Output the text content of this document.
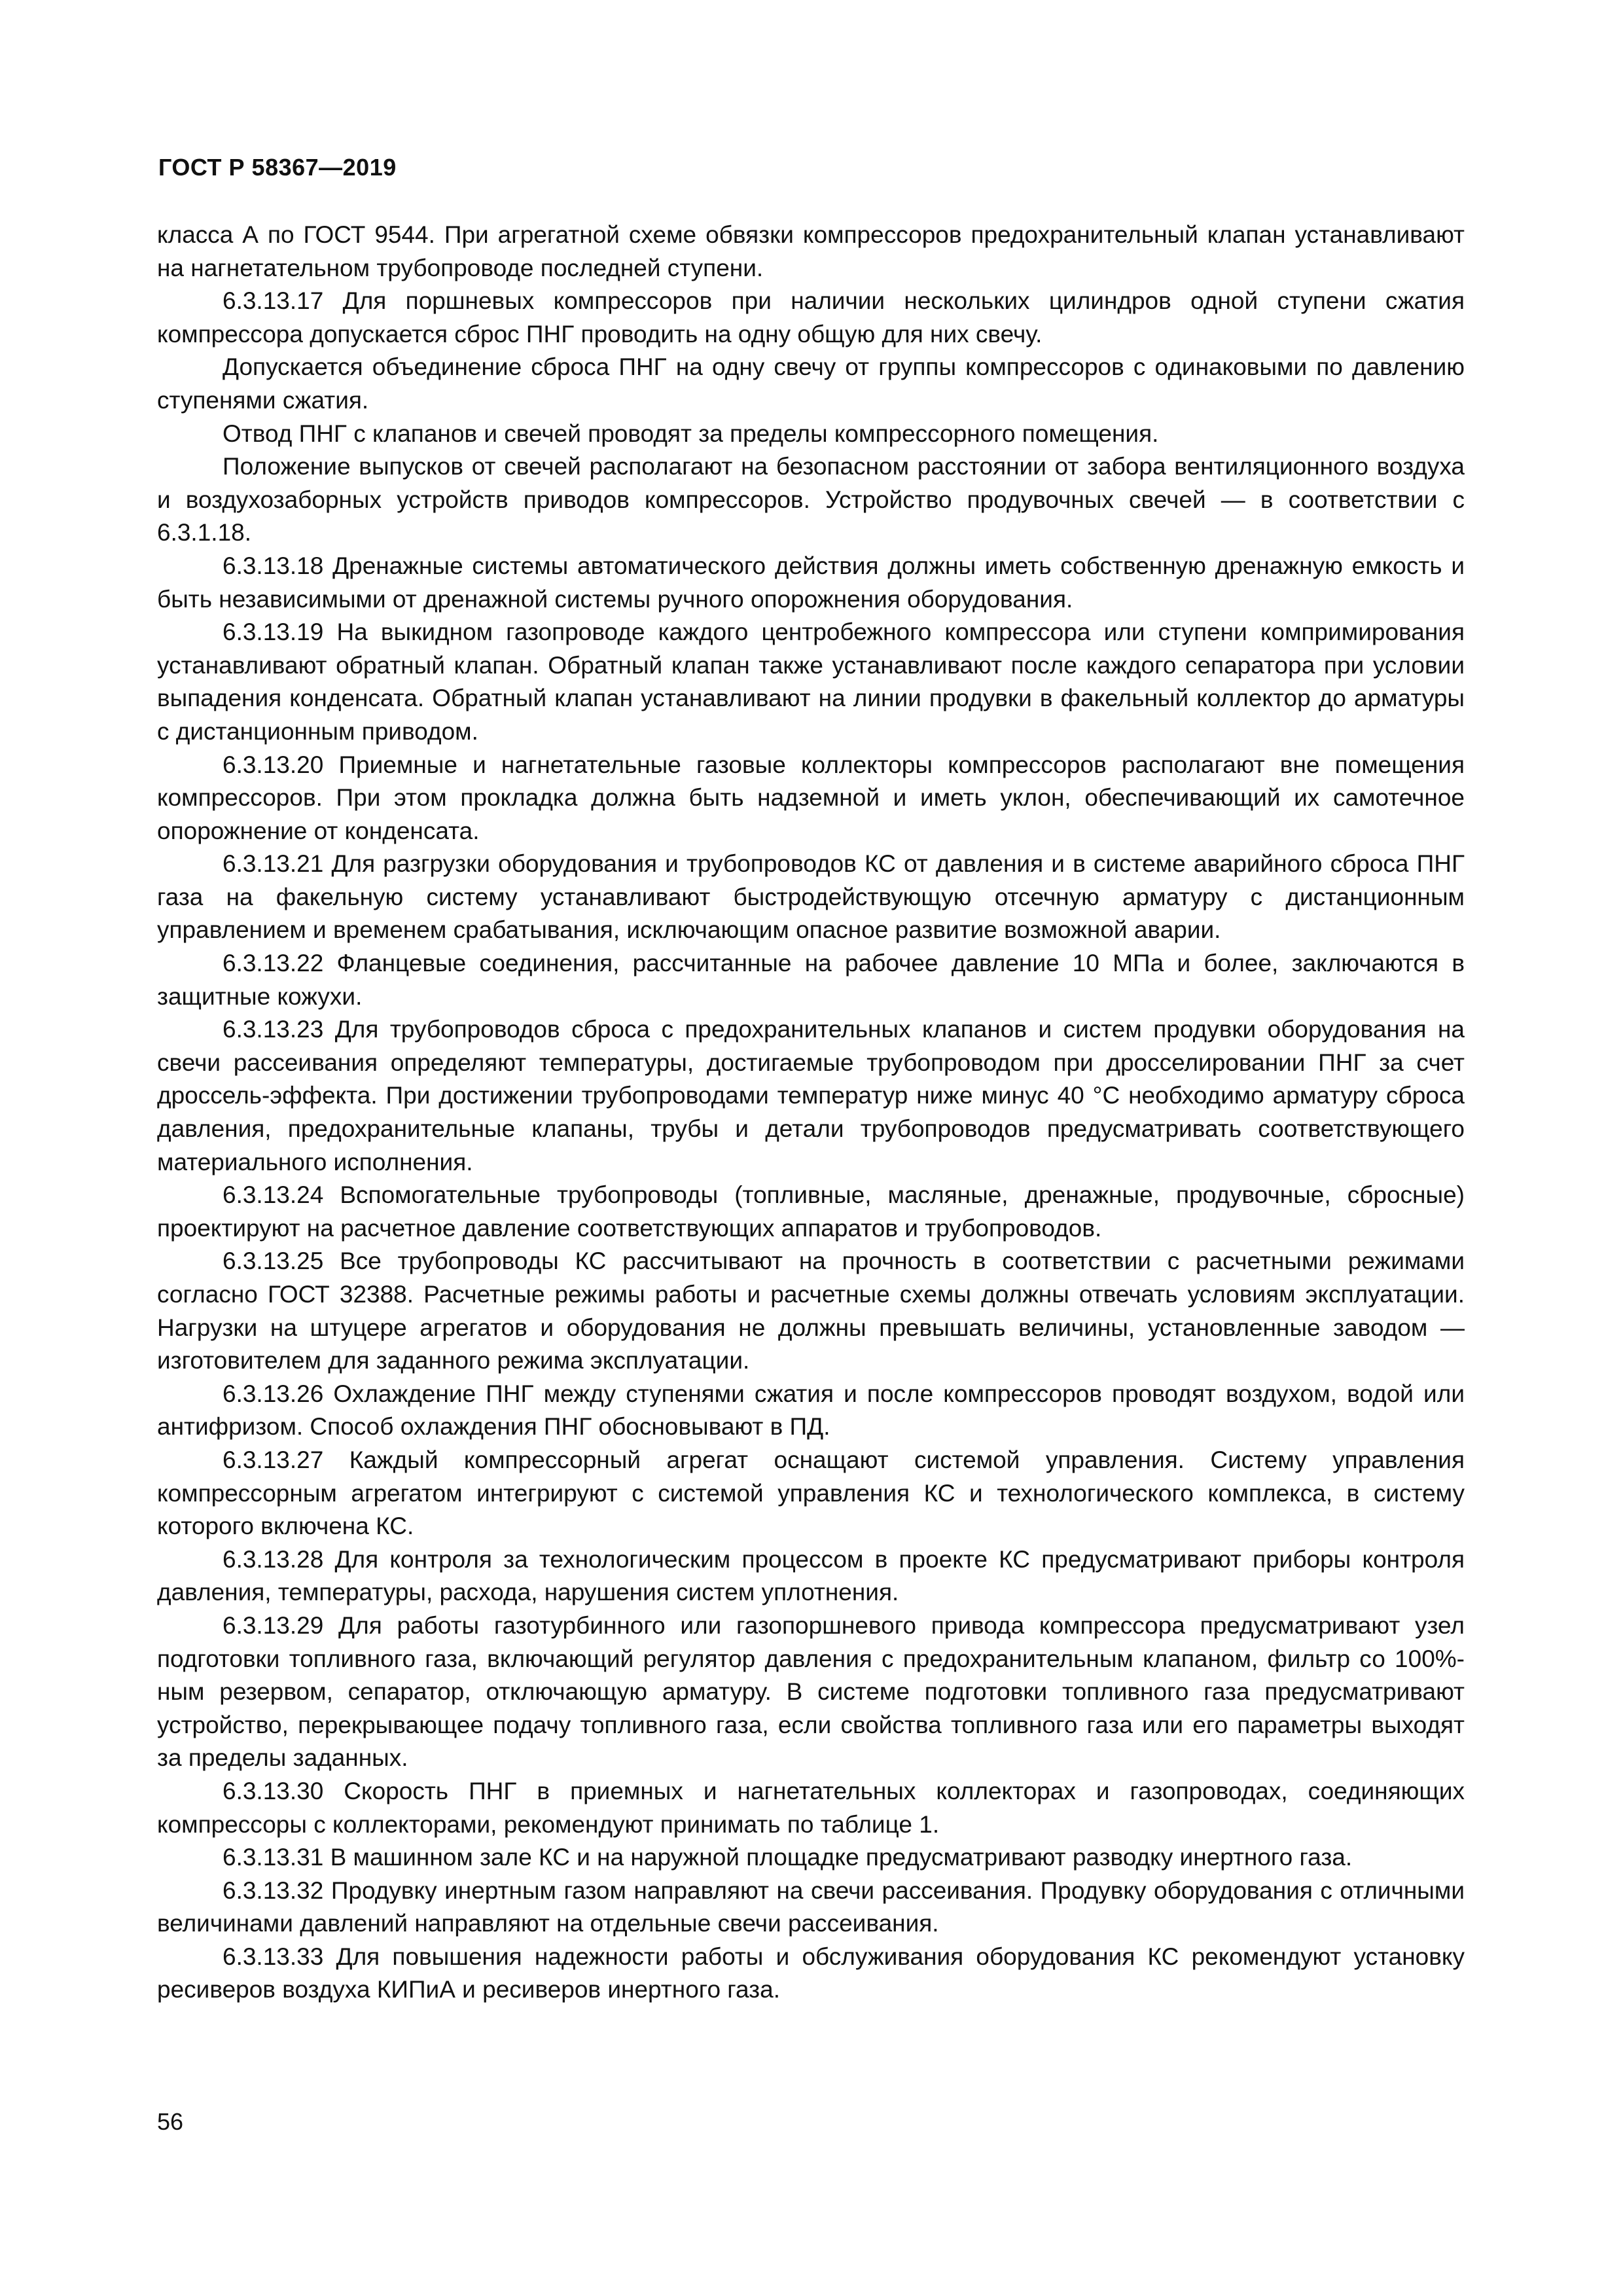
ГОСТ Р 58367—2019

класса А по ГОСТ 9544. При агрегатной схеме обвязки компрессоров предохранительный клапан устанавливают на нагнетательном трубопроводе последней ступени.

6.3.13.17 Для поршневых компрессоров при наличии нескольких цилиндров одной ступени сжатия компрессора допускается сброс ПНГ проводить на одну общую для них свечу.

Допускается объединение сброса ПНГ на одну свечу от группы компрессоров с одинаковыми по давлению ступенями сжатия.

Отвод ПНГ с клапанов и свечей проводят за пределы компрессорного помещения.

Положение выпусков от свечей располагают на безопасном расстоянии от забора вентиляционного воздуха и воздухозаборных устройств приводов компрессоров. Устройство продувочных свечей — в соответствии с 6.3.1.18.

6.3.13.18 Дренажные системы автоматического действия должны иметь собственную дренажную емкость и быть независимыми от дренажной системы ручного опорожнения оборудования.

6.3.13.19 На выкидном газопроводе каждого центробежного компрессора или ступени компримирования устанавливают обратный клапан. Обратный клапан также устанавливают после каждого сепаратора при условии выпадения конденсата. Обратный клапан устанавливают на линии продувки в факельный коллектор до арматуры с дистанционным приводом.

6.3.13.20 Приемные и нагнетательные газовые коллекторы компрессоров располагают вне помещения компрессоров. При этом прокладка должна быть надземной и иметь уклон, обеспечивающий их самотечное опорожнение от конденсата.

6.3.13.21 Для разгрузки оборудования и трубопроводов КС от давления и в системе аварийного сброса ПНГ газа на факельную систему устанавливают быстродействующую отсечную арматуру с дистанционным управлением и временем срабатывания, исключающим опасное развитие возможной аварии.

6.3.13.22 Фланцевые соединения, рассчитанные на рабочее давление 10 МПа и более, заключаются в защитные кожухи.

6.3.13.23 Для трубопроводов сброса с предохранительных клапанов и систем продувки оборудования на свечи рассеивания определяют температуры, достигаемые трубопроводом при дросселировании ПНГ за счет дроссель-эффекта. При достижении трубопроводами температур ниже минус 40 °С необходимо арматуру сброса давления, предохранительные клапаны, трубы и детали трубопроводов предусматривать соответствующего материального исполнения.

6.3.13.24 Вспомогательные трубопроводы (топливные, масляные, дренажные, продувочные, сбросные) проектируют на расчетное давление соответствующих аппаратов и трубопроводов.

6.3.13.25 Все трубопроводы КС рассчитывают на прочность в соответствии с расчетными режимами согласно ГОСТ 32388. Расчетные режимы работы и расчетные схемы должны отвечать условиям эксплуатации. Нагрузки на штуцере агрегатов и оборудования не должны превышать величины, установленные заводом — изготовителем для заданного режима эксплуатации.

6.3.13.26 Охлаждение ПНГ между ступенями сжатия и после компрессоров проводят воздухом, водой или антифризом. Способ охлаждения ПНГ обосновывают в ПД.

6.3.13.27 Каждый компрессорный агрегат оснащают системой управления. Систему управления компрессорным агрегатом интегрируют с системой управления КС и технологического комплекса, в систему которого включена КС.

6.3.13.28 Для контроля за технологическим процессом в проекте КС предусматривают приборы контроля давления, температуры, расхода, нарушения систем уплотнения.

6.3.13.29 Для работы газотурбинного или газопоршневого привода компрессора предусматривают узел подготовки топливного газа, включающий регулятор давления с предохранительным клапаном, фильтр со 100%-ным резервом, сепаратор, отключающую арматуру. В системе подготовки топливного газа предусматривают устройство, перекрывающее подачу топливного газа, если свойства топливного газа или его параметры выходят за пределы заданных.

6.3.13.30 Скорость ПНГ в приемных и нагнетательных коллекторах и газопроводах, соединяющих компрессоры с коллекторами, рекомендуют принимать по таблице 1.

6.3.13.31 В машинном зале КС и на наружной площадке предусматривают разводку инертного газа.

6.3.13.32 Продувку инертным газом направляют на свечи рассеивания. Продувку оборудования с отличными величинами давлений направляют на отдельные свечи рассеивания.

6.3.13.33 Для повышения надежности работы и обслуживания оборудования КС рекомендуют установку ресиверов воздуха КИПиА и ресиверов инертного газа.

56
